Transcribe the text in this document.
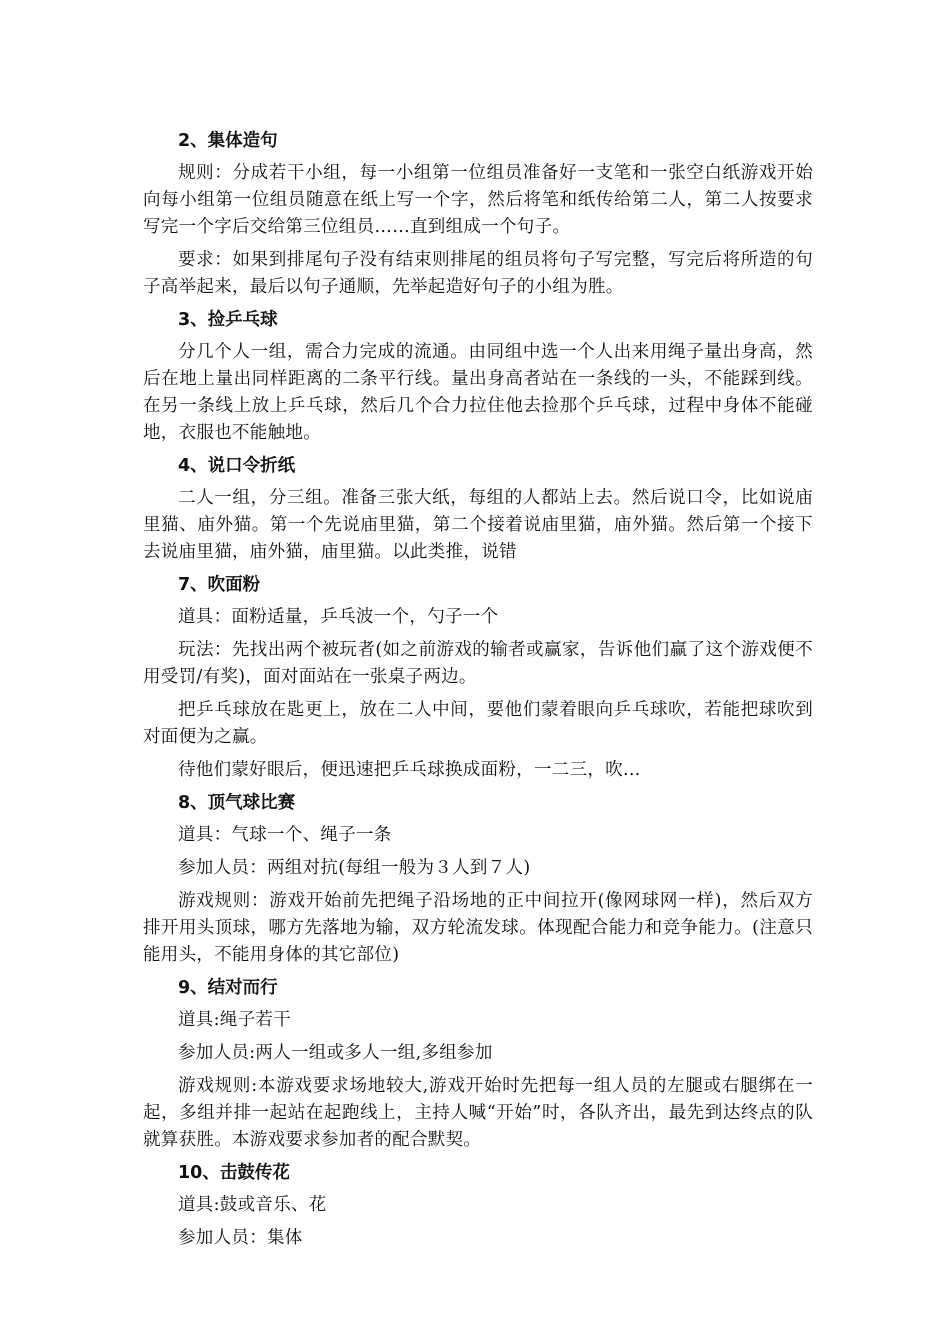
2、集体造句

规则：分成若干小组，每一小组第一位组员准备好一支笔和一张空白纸游戏开始向每小组第一位组员随意在纸上写一个字，然后将笔和纸传给第二人，第二人按要求写完一个字后交给第三位组员……直到组成一个句子。

要求：如果到排尾句子没有结束则排尾的组员将句子写完整，写完后将所造的句子高举起来，最后以句子通顺，先举起造好句子的小组为胜。

3、捡乒乓球

分几个人一组，需合力完成的流通。由同组中选一个人出来用绳子量出身高，然后在地上量出同样距离的二条平行线。量出身高者站在一条线的一头，不能踩到线。在另一条线上放上乒乓球，然后几个合力拉住他去捡那个乒乓球，过程中身体不能碰地，衣服也不能触地。

4、说口令折纸

二人一组，分三组。准备三张大纸，每组的人都站上去。然后说口令，比如说庙里猫、庙外猫。第一个先说庙里猫，第二个接着说庙里猫，庙外猫。然后第一个接下去说庙里猫，庙外猫，庙里猫。以此类推，说错

7、吹面粉

道具：面粉适量，乒乓波一个，勺子一个

玩法：先找出两个被玩者(如之前游戏的输者或赢家，告诉他们赢了这个游戏便不用受罚/有奖)，面对面站在一张桌子两边。

把乒乓球放在匙更上，放在二人中间，要他们蒙着眼向乒乓球吹，若能把球吹到对面便为之赢。

待他们蒙好眼后，便迅速把乒乓球换成面粉，一二三，吹...

8、顶气球比赛

道具：气球一个、绳子一条

参加人员：两组对抗(每组一般为３人到７人)

游戏规则：游戏开始前先把绳子沿场地的正中间拉开(像网球网一样)，然后双方排开用头顶球，哪方先落地为输，双方轮流发球。体现配合能力和竞争能力。(注意只能用头，不能用身体的其它部位)

9、结对而行

道具:绳子若干

参加人员:两人一组或多人一组,多组参加

游戏规则:本游戏要求场地较大,游戏开始时先把每一组人员的左腿或右腿绑在一起，多组并排一起站在起跑线上，主持人喊“开始”时，各队齐出，最先到达终点的队就算获胜。本游戏要求参加者的配合默契。

10、击鼓传花

道具:鼓或音乐、花

参加人员：集体
